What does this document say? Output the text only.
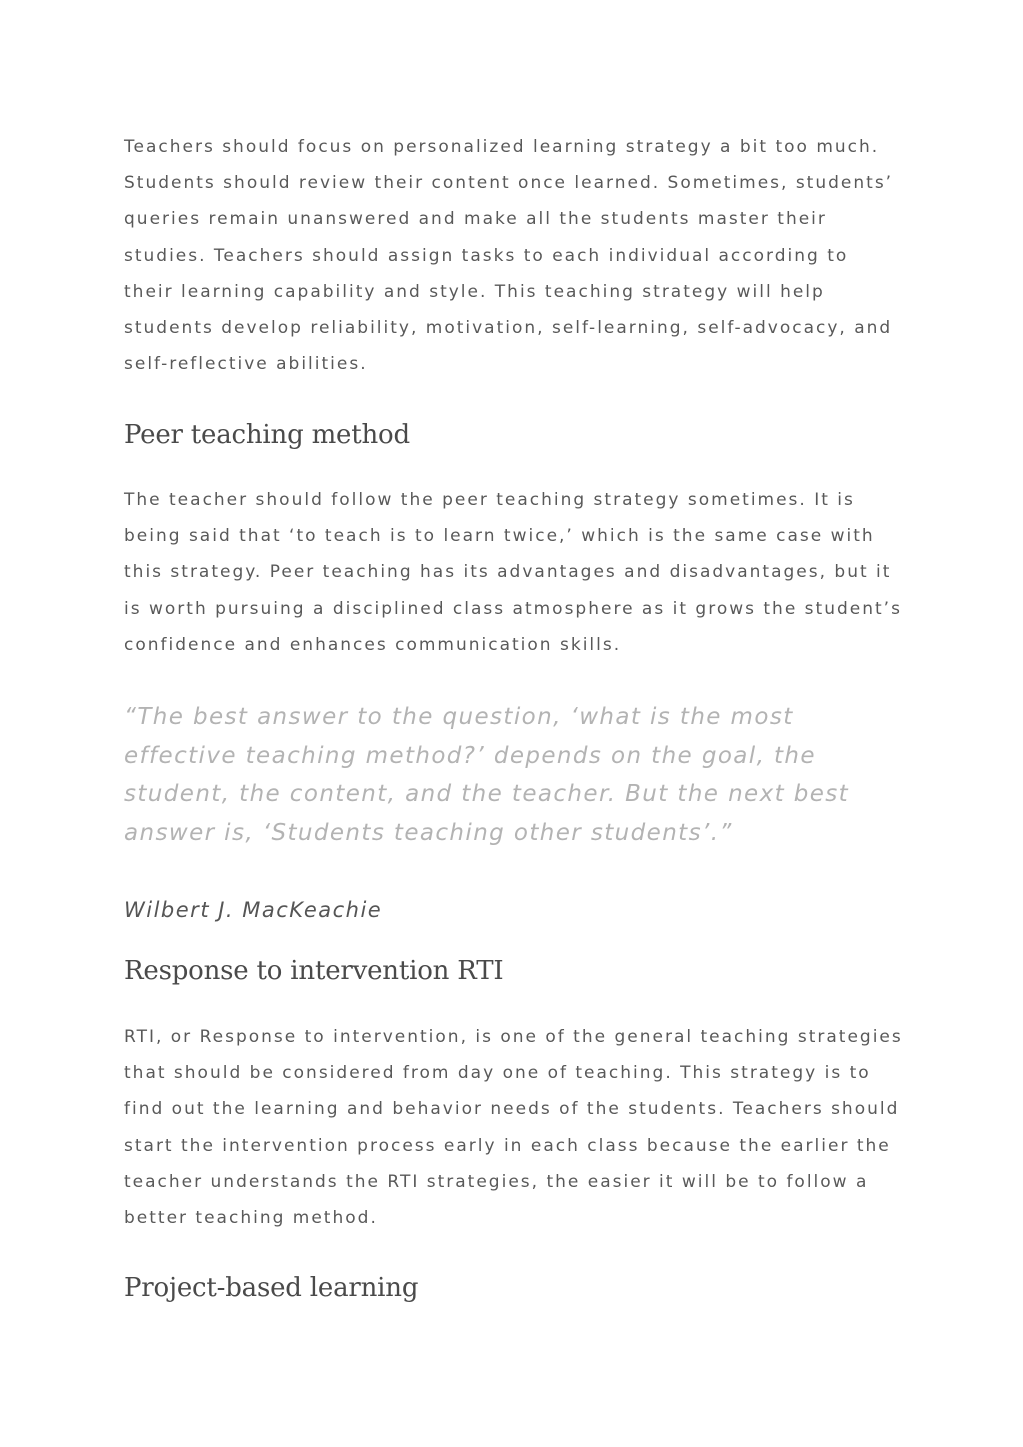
Teachers should focus on personalized learning strategy a bit too much. Students should review their content once learned. Sometimes, students’ queries remain unanswered and make all the students master their studies. Teachers should assign tasks to each individual according to their learning capability and style. This teaching strategy will help students develop reliability, motivation, self-learning, self-advocacy, and self-reflective abilities.

Peer teaching method

The teacher should follow the peer teaching strategy sometimes. It is being said that ‘to teach is to learn twice,’ which is the same case with this strategy. Peer teaching has its advantages and disadvantages, but it is worth pursuing a disciplined class atmosphere as it grows the student’s confidence and enhances communication skills.

“The best answer to the question, ‘what is the most effective teaching method?’ depends on the goal, the student, the content, and the teacher. But the next best answer is, ‘Students teaching other students’.”

Wilbert J. MacKeachie

Response to intervention RTI

RTI, or Response to intervention, is one of the general teaching strategies that should be considered from day one of teaching. This strategy is to find out the learning and behavior needs of the students. Teachers should start the intervention process early in each class because the earlier the teacher understands the RTI strategies, the easier it will be to follow a better teaching method.

Project-based learning
